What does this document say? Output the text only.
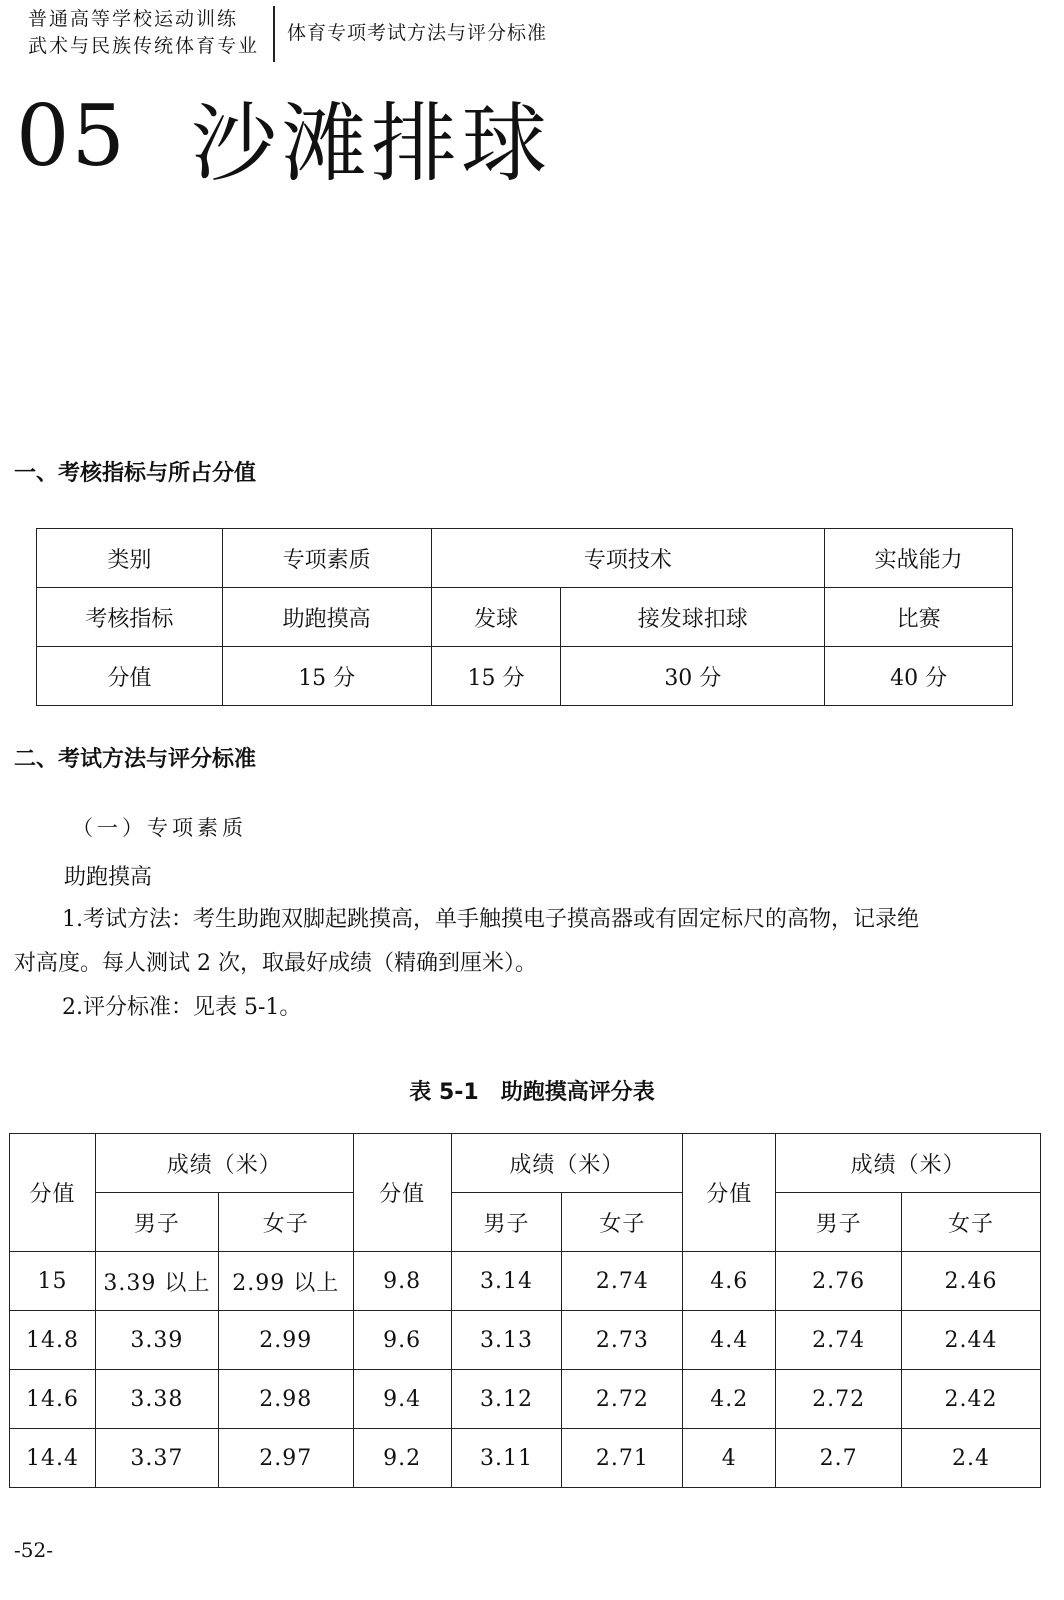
普通高等学校运动训练
武术与民族传统体育专业
体育专项考试方法与评分标准
05 沙滩排球
一、考核指标与所占分值
类别	专项素质	专项技术		实战能力
考核指标	助跑摸高	发球	接发球扣球	比赛
分值	15 分	15 分	30 分	40 分
二、考试方法与评分标准
（一）专项素质
助跑摸高
1.考试方法：考生助跑双脚起跳摸高，单手触摸电子摸高器或有固定标尺的高物，记录绝
对高度。每人测试 2 次，取最好成绩（精确到厘米）。
2.评分标准：见表 5-1。
表 5-1　助跑摸高评分表
分值	成绩（米）		分值	成绩（米）		分值	成绩（米）	
	男子	女子		男子	女子		男子	女子
15	3.39 以上	2.99 以上	9.8	3.14	2.74	4.6	2.76	2.46
14.8	3.39	2.99	9.6	3.13	2.73	4.4	2.74	2.44
14.6	3.38	2.98	9.4	3.12	2.72	4.2	2.72	2.42
14.4	3.37	2.97	9.2	3.11	2.71	4	2.7	2.4
-52-
